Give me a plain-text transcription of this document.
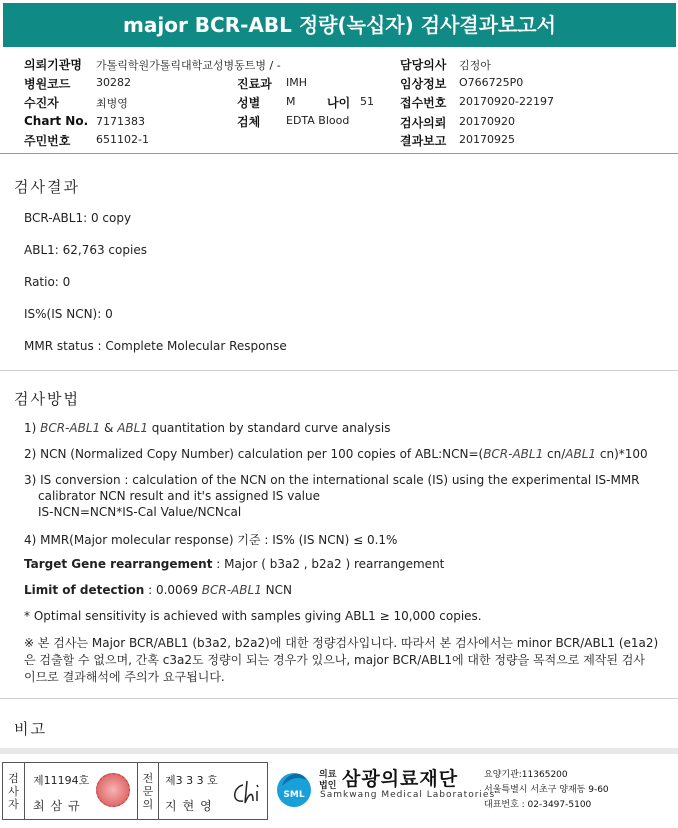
major BCR-ABL 정량(녹십자) 검사결과보고서
의뢰기관명 가톨릭학원가톨릭대학교성병동트병 / -	담당의사 김정아
병원코드 30282	진료과 IMH	임상정보 O766725P0
수진자	최병영	성별 M	나이 51 접수번호 20170920-22197
Chart No. 7171383	검체 EDTA Blood	검사의뢰 20170920
주민번호 651102-1	결과보고 20170925
검사결과
BCR-ABL1: 0 copy
ABL1: 62,763 copies
Ratio: 0
IS%(IS NCN): 0
MMR status : Complete Molecular Response
검사방법
1) BCR-ABL1 & ABL1 quantitation by standard curve analysis
2) NCN (Normalized Copy Number) calculation per 100 copies of ABL:NCN=(BCR-ABL1 cn/ABL1 cn)*100
3) IS conversion : calculation of the NCN on the international scale (IS) using the experimental IS-MMR
calibrator NCN result and it's assigned IS value
IS-NCN=NCN*IS-Cal Value/NCNcal
4) MMR(Major molecular response) 기준 : IS% (IS NCN) ≤ 0.1%
Target Gene rearrangement : Major ( b3a2 , b2a2 ) rearrangement
Limit of detection : 0.0069 BCR-ABL1 NCN
* Optimal sensitivity is achieved with samples giving ABL1 ≥ 10,000 copies.
※ 본 검사는 Major BCR/ABL1 (b3a2, b2a2)에 대한 정량검사입니다. 따라서 본 검사에서는 minor BCR/ABL1 (e1a2)
은 검출할 수 없으며, 간혹 c3a2도 정량이 되는 경우가 있으나, major BCR/ABL1에 대한 정량을 목적으로 제작된 검사
이므로 결과해석에 주의가 요구됩니다.
비고
검
사
자
제11194호
최삼규
전
문
의
제3 3 3 호
지현영
SML
의료
법인 삼광의료재단
Samkwang Medical Laboratories
요양기관:11365200
서울특별시 서초구 양재동 9-60
대표번호 : 02-3497-5100
